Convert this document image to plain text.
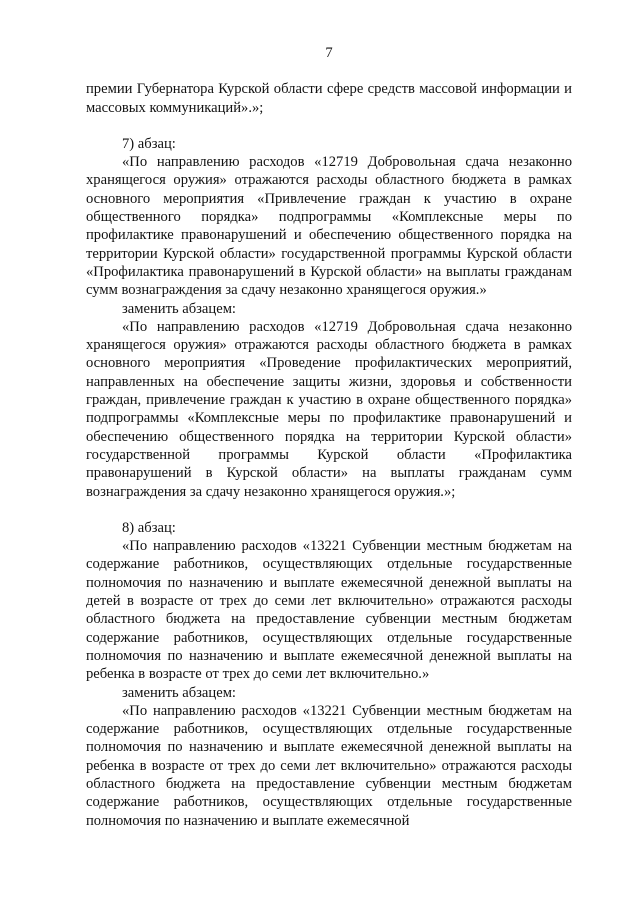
7

премии Губернатора Курской области сфере средств массовой информации и массовых коммуникаций».»;

7) абзац:

«По направлению расходов «12719 Добровольная сдача незаконно хранящегося оружия» отражаются расходы областного бюджета в рамках основного мероприятия «Привлечение граждан к участию в охране общественного порядка» подпрограммы «Комплексные меры по профилактике правонарушений и обеспечению общественного порядка на территории Курской области» государственной программы Курской области «Профилактика правонарушений в Курской области» на выплаты гражданам сумм вознаграждения за сдачу незаконно хранящегося оружия.»

заменить абзацем:

«По направлению расходов «12719 Добровольная сдача незаконно хранящегося оружия» отражаются расходы областного бюджета в рамках основного мероприятия «Проведение профилактических мероприятий, направленных на обеспечение защиты жизни, здоровья и собственности граждан, привлечение граждан к участию в охране общественного порядка» подпрограммы «Комплексные меры по профилактике правонарушений и обеспечению общественного порядка на территории Курской области» государственной программы Курской области «Профилактика правонарушений в Курской области» на выплаты гражданам сумм вознаграждения за сдачу незаконно хранящегося оружия.»;

8) абзац:

«По направлению расходов «13221 Субвенции местным бюджетам на содержание работников, осуществляющих отдельные государственные полномочия по назначению и выплате ежемесячной денежной выплаты на детей в возрасте от трех до семи лет включительно» отражаются расходы областного бюджета на предоставление субвенции местным бюджетам содержание работников, осуществляющих отдельные государственные полномочия по назначению и выплате ежемесячной денежной выплаты на ребенка в возрасте от трех до семи лет включительно.»

заменить абзацем:

«По направлению расходов «13221 Субвенции местным бюджетам на содержание работников, осуществляющих отдельные государственные полномочия по назначению и выплате ежемесячной денежной выплаты на ребенка в возрасте от трех до семи лет включительно» отражаются расходы областного бюджета на предоставление субвенции местным бюджетам содержание работников, осуществляющих отдельные государственные полномочия по назначению и выплате ежемесячной
